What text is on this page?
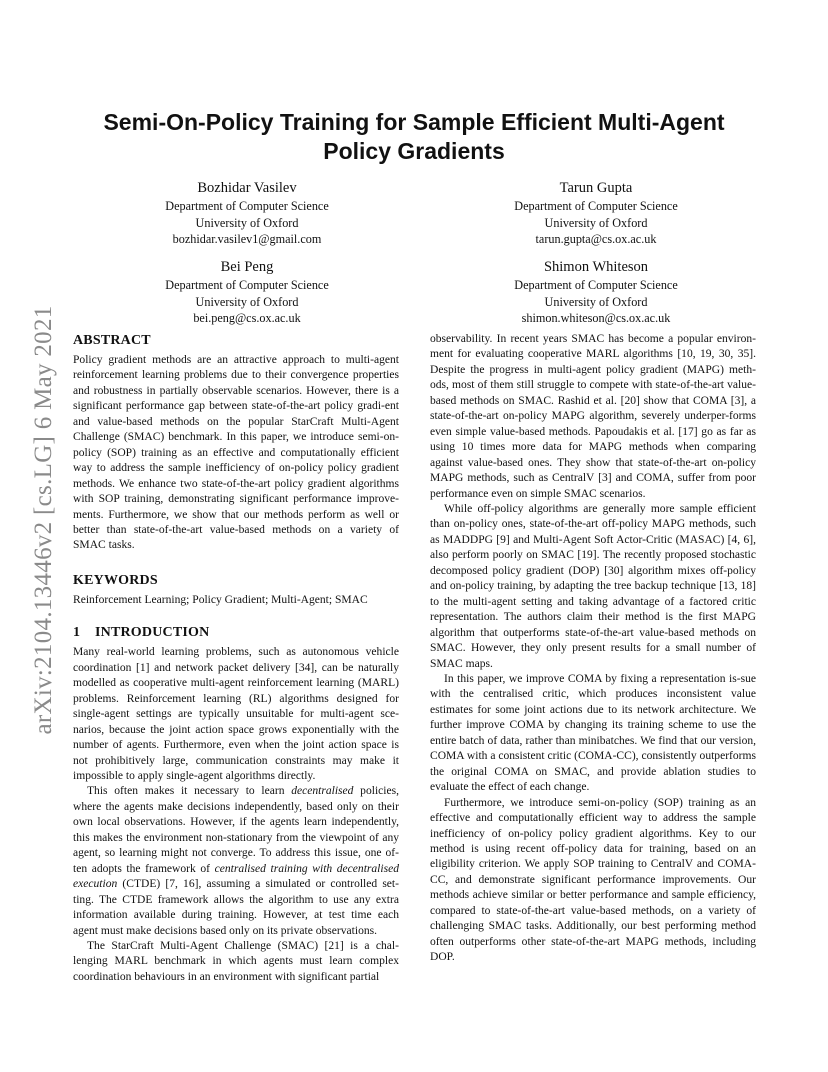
arXiv:2104.13446v2 [cs.LG] 6 May 2021
Semi-On-Policy Training for Sample Efficient Multi-Agent Policy Gradients
Bozhidar Vasilev
Department of Computer Science
University of Oxford
bozhidar.vasilev1@gmail.com
Tarun Gupta
Department of Computer Science
University of Oxford
tarun.gupta@cs.ox.ac.uk
Bei Peng
Department of Computer Science
University of Oxford
bei.peng@cs.ox.ac.uk
Shimon Whiteson
Department of Computer Science
University of Oxford
shimon.whiteson@cs.ox.ac.uk
ABSTRACT

Policy gradient methods are an attractive approach to multi-agent reinforcement learning problems due to their convergence properties and robustness in partially observable scenarios. However, there is a significant performance gap between state-of-the-art policy gradi-ent and value-based methods on the popular StarCraft Multi-Agent Challenge (SMAC) benchmark. In this paper, we introduce semi-on-policy (SOP) training as an effective and computationally efficient way to address the sample inefficiency of on-policy policy gradient methods. We enhance two state-of-the-art policy gradient algorithms with SOP training, demonstrating significant performance improve-ments. Furthermore, we show that our methods perform as well or better than state-of-the-art value-based methods on a variety of SMAC tasks.

KEYWORDS

Reinforcement Learning; Policy Gradient; Multi-Agent; SMAC

1 INTRODUCTION

Many real-world learning problems, such as autonomous vehicle coordination [1] and network packet delivery [34], can be naturally modelled as cooperative multi-agent reinforcement learning (MARL) problems. Reinforcement learning (RL) algorithms designed for single-agent settings are typically unsuitable for multi-agent sce-narios, because the joint action space grows exponentially with the number of agents. Furthermore, even when the joint action space is not prohibitively large, communication constraints may make it impossible to apply single-agent algorithms directly.

This often makes it necessary to learn decentralised policies, where the agents make decisions independently, based only on their own local observations. However, if the agents learn independently, this makes the environment non-stationary from the viewpoint of any agent, so learning might not converge. To address this issue, one of-ten adopts the framework of centralised training with decentralised execution (CTDE) [7, 16], assuming a simulated or controlled set-ting. The CTDE framework allows the algorithm to use any extra information available during training. However, at test time each agent must make decisions based only on its private observations.

The StarCraft Multi-Agent Challenge (SMAC) [21] is a chal-lenging MARL benchmark in which agents must learn complex coordination behaviours in an environment with significant partial

observability. In recent years SMAC has become a popular environ-ment for evaluating cooperative MARL algorithms [10, 19, 30, 35]. Despite the progress in multi-agent policy gradient (MAPG) meth-ods, most of them still struggle to compete with state-of-the-art value-based methods on SMAC. Rashid et al. [20] show that COMA [3], a state-of-the-art on-policy MAPG algorithm, severely underper-forms even simple value-based methods. Papoudakis et al. [17] go as far as using 10 times more data for MAPG methods when comparing against value-based ones. They show that state-of-the-art on-policy MAPG methods, such as CentralV [3] and COMA, suffer from poor performance even on simple SMAC scenarios.

While off-policy algorithms are generally more sample efficient than on-policy ones, state-of-the-art off-policy MAPG methods, such as MADDPG [9] and Multi-Agent Soft Actor-Critic (MASAC) [4, 6], also perform poorly on SMAC [19]. The recently proposed stochastic decomposed policy gradient (DOP) [30] algorithm mixes off-policy and on-policy training, by adapting the tree backup technique [13, 18] to the multi-agent setting and taking advantage of a factored critic representation. The authors claim their method is the first MAPG algorithm that outperforms state-of-the-art value-based methods on SMAC. However, they only present results for a small number of SMAC maps.

In this paper, we improve COMA by fixing a representation is-sue with the centralised critic, which produces inconsistent value estimates for some joint actions due to its network architecture. We further improve COMA by changing its training scheme to use the entire batch of data, rather than minibatches. We find that our version, COMA with a consistent critic (COMA-CC), consistently outperforms the original COMA on SMAC, and provide ablation studies to evaluate the effect of each change.

Furthermore, we introduce semi-on-policy (SOP) training as an effective and computationally efficient way to address the sample inefficiency of on-policy policy gradient algorithms. Key to our method is using recent off-policy data for training, based on an eligibility criterion. We apply SOP training to CentralV and COMA-CC, and demonstrate significant performance improvements. Our methods achieve similar or better performance and sample efficiency, compared to state-of-the-art value-based methods, on a variety of challenging SMAC tasks. Additionally, our best performing method often outperforms other state-of-the-art MAPG methods, including DOP.
